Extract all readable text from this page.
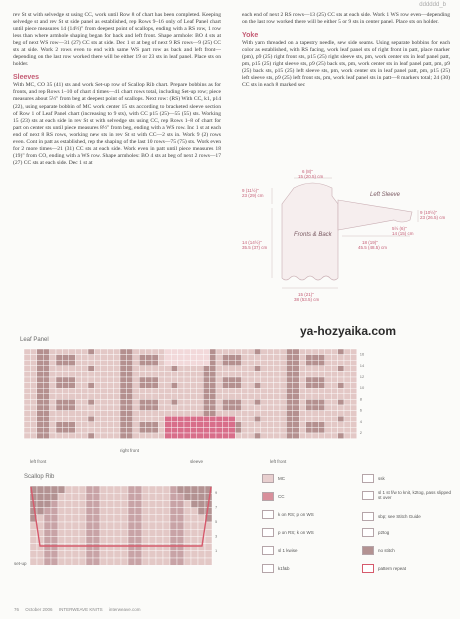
dddddd_b

rev St st with selvedge st using CC, work until Row 8 of chart has been completed. Keeping selvedge st and rev St st side panel as established, rep Rows 9–16 only of Leaf Panel chart until piece measures 14 (14½)" from deepest point of scallops, ending with a RS row, 1 row less than where armhole shaping began for back and left front. Shape armhole: BO 4 sts at beg of next WS row—31 (27) CC sts at side. Dec 1 st at beg of next 9 RS rows—9 (25) CC sts at side. Work 2 rows even to end with same WS part row as back and left front—depending on the last row worked there will be either 19 or 23 sts in leaf panel. Place sts on holder.

Sleeves

With MC, CO 35 (41) sts and work Set-up row of Scallop Rib chart. Prepare bobbins as for fronts, and rep Rows 1–10 of chart 4 times—41 chart rows total, including Set-up row; piece measures about 5½" from beg at deepest point of scallops. Next row: (RS) With CC, k1, p14 (22), using separate bobbin of MC work center 15 sts according to bracketed sleeve section of Row 1 of Leaf Panel chart (increasing to 9 sts), with CC p15 (25)—55 (55) sts. Working 15 (23) sts at each side in rev St st with selvedge sts using CC, rep Rows 1–8 of chart for part on center sts until piece measures 8½" from beg, ending with a WS row. Inc 1 st at each end of next 8 RS rows, working new sts in rev St st with CC—2 sts in. Work 9 (2) rows even. Cont in patt as established, rep the shaping of the last 10 rows—75 (75) sts. Work even for 2 more times—21 (31) CC sts at each side. Work even in patt until piece measures 18 (19)" from CO, ending with a WS row. Shape armholes: BO 4 sts at beg of next 2 rows—17 (27) CC sts at each side. Dec 1 st at

each end of next 2 RS rows—13 (25) CC sts at each side. Work 1 WS row even—depending on the last row worked there will be either 5 or 9 sts in center panel. Place sts on holder.

Yoke

With yarn threaded on a tapestry needle, sew side seams. Using separate bobbins for each color as established, with RS facing, work leaf panel sts of right front in patt, place marker (pm), p9 (25) right front sts, p15 (25) right sleeve sts, pm, work center sts in leaf panel patt, pm, p15 (25) right sleeve sts, p9 (25) back sts, pm, work center sts in leaf panel patt, pm, p9 (25) back sts, p15 (25) left sleeve sts, pm, work center sts in leaf panel patt, pm, p15 (25) left sleeve sts, p9 (25) left front sts, pm, work leaf panel sts in patt—8 markers total; 24 (30) CC sts in each 8 marked sec

Fronts & Back
Left Sleeve
6 (8)"
15 (20.5) cm
9 (11½)"
23 (29) cm
9 (10½)"
23 (26.5) cm
14 (14½)"
35.5 (37) cm
18 (19)"
45.5 (48.5) cm
5½ (6)"
14 (15) cm
15 (21)"
38 (53.5) cm
ya-hozyaika.com
Leaf Panel
16
14
12
10
8
6
4
2
left front
right front
sleeve	left front
Scallop Rib
9
7
5
3
1
set-up
MC
CC
k on RS; p on WS
p on RS; k on WS
sl 1 kwise
k1f&b
ssk
sl 1 st f/w to knit, k2tog, pass slipped st over
sbp; see Stitch Guide
p2tog
no stitch
pattern repeat
76 October 2006 INTERWEAVE KNITS interweave.com
